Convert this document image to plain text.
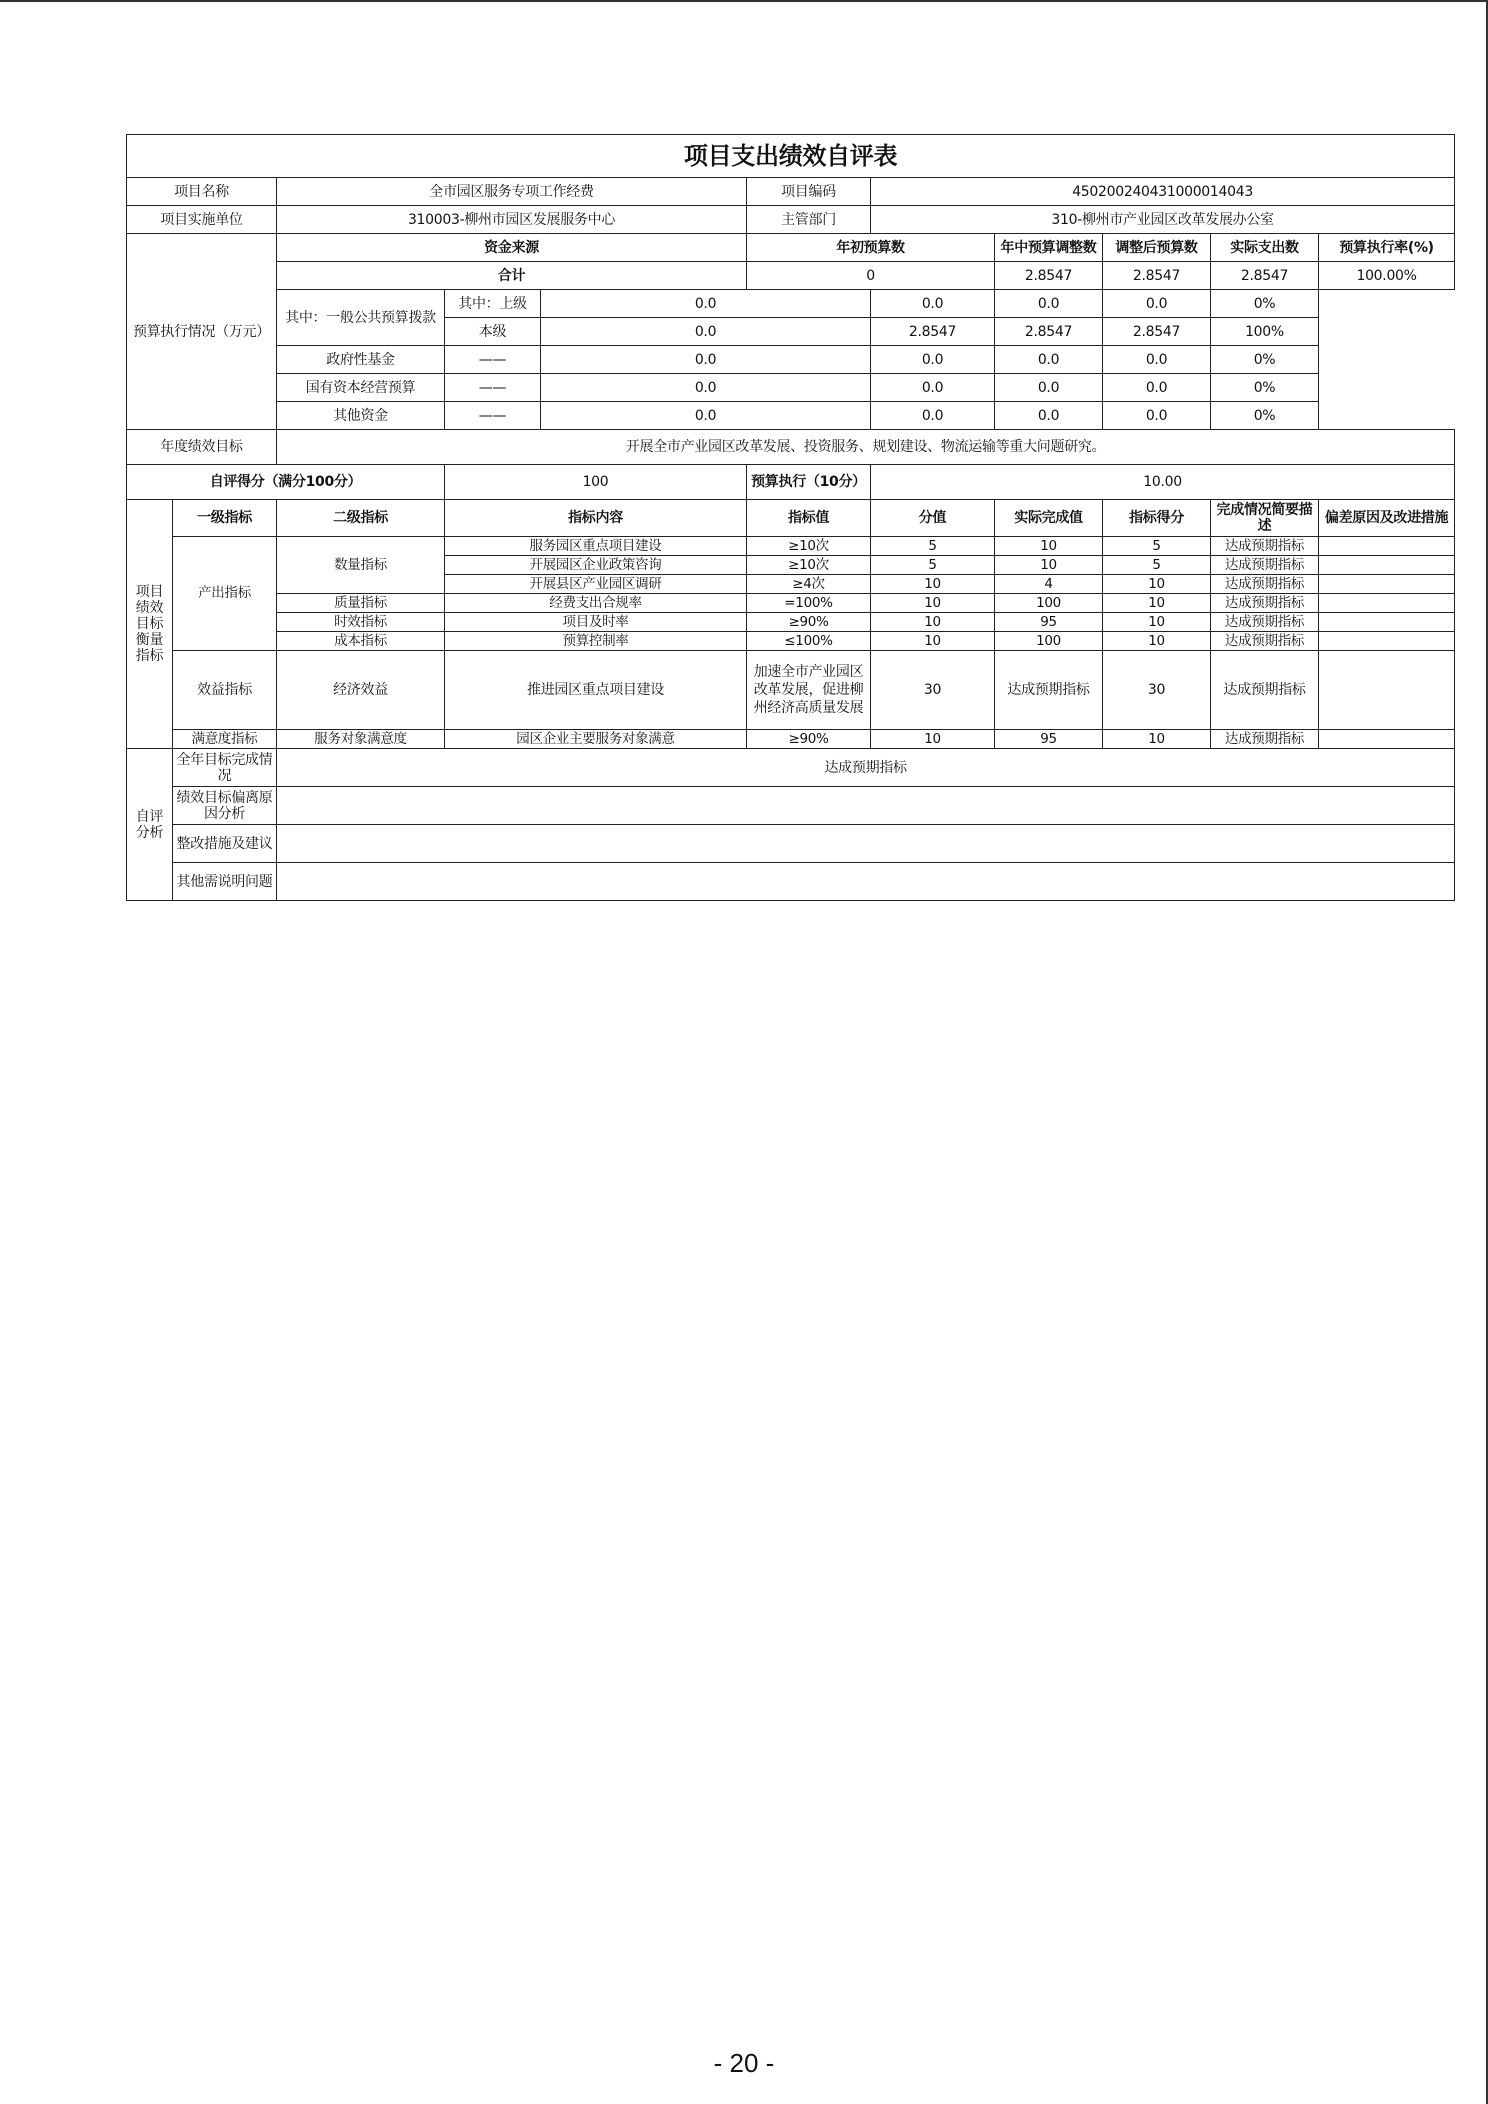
项目支出绩效自评表										
项目名称		全市园区服务专项工作经费			项目编码	450200240431000014043				
项目实施单位		310003-柳州市园区发展服务中心			主管部门	310-柳州市产业园区改革发展办公室				
预算执行情况（万元）		资金来源			年初预算数		年中预算调整数	调整后预算数	实际支出数	预算执行率(%)
		合计			0		2.8547	2.8547	2.8547	100.00%
		其中：一般公共预算拨款	其中：上级	0.0		0.0	0.0	0.0	0%	
			本级	0.0		2.8547	2.8547	2.8547	100%	
		政府性基金	——	0.0		0.0	0.0	0.0	0%	
		国有资本经营预算	——	0.0		0.0	0.0	0.0	0%	
		其他资金	——	0.0		0.0	0.0	0.0	0%	
年度绩效目标		开展全市产业园区改革发展、投资服务、规划建设、物流运输等重大问题研究。								
自评得分（满分100分）			100		预算执行（10分）	10.00				
项目绩效目标衡量指标	一级指标	二级指标	指标内容		指标值	分值	实际完成值	指标得分	完成情况简要描述	偏差原因及改进措施
	产出指标	数量指标	服务园区重点项目建设		≥10次	5	10	5	达成预期指标	
			开展园区企业政策咨询		≥10次	5	10	5	达成预期指标	
			开展县区产业园区调研		≥4次	10	4	10	达成预期指标	
		质量指标	经费支出合规率		=100%	10	100	10	达成预期指标	
		时效指标	项目及时率		≥90%	10	95	10	达成预期指标	
		成本指标	预算控制率		≤100%	10	100	10	达成预期指标	
	效益指标	经济效益	推进园区重点项目建设		加速全市产业园区改革发展，促进柳州经济高质量发展	30	达成预期指标	30	达成预期指标	
	满意度指标	服务对象满意度	园区企业主要服务对象满意		≥90%	10	95	10	达成预期指标	
自评分析	全年目标完成情况	达成预期指标								
	绩效目标偏离原因分析									
	整改措施及建议									
	其他需说明问题									
- 20 -
